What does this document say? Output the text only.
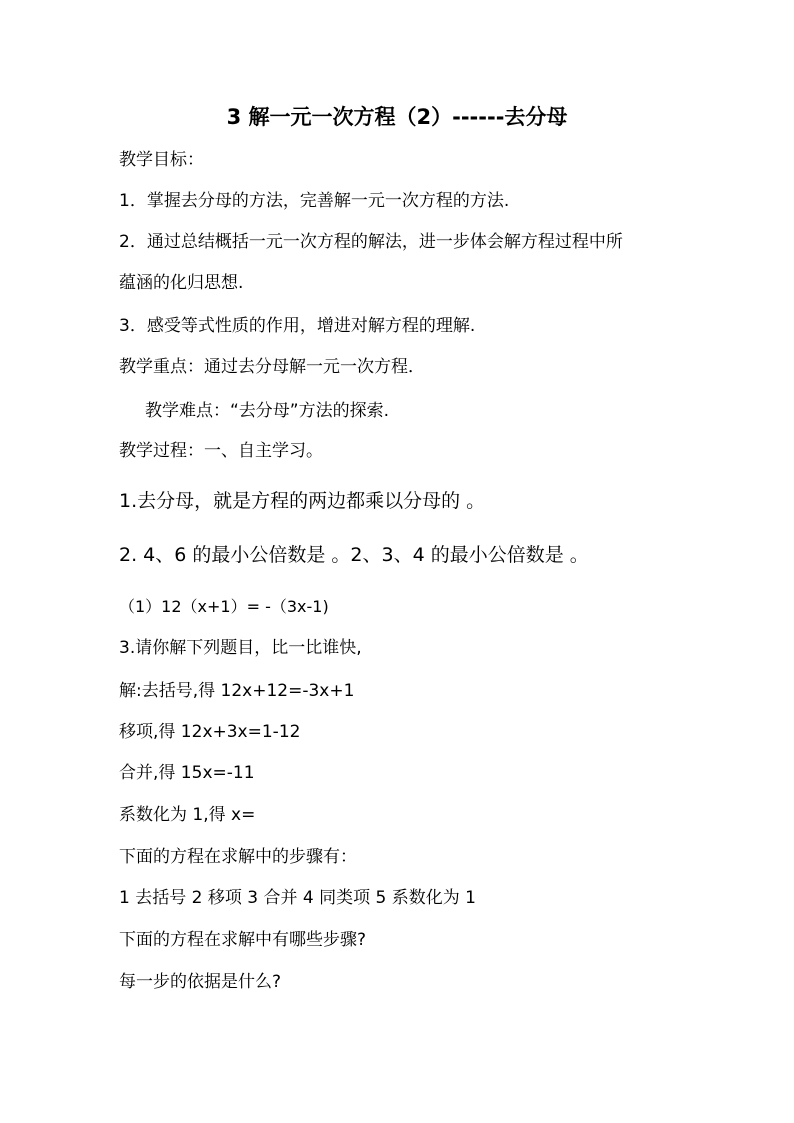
3 解一元一次方程（2）------去分母

教学目标：

1．掌握去分母的方法，完善解一元一次方程的方法.

2．通过总结概括一元一次方程的解法，进一步体会解方程过程中所

蕴涵的化归思想.

3．感受等式性质的作用，增进对解方程的理解.

教学重点：通过去分母解一元一次方程．

教学难点：“去分母”方法的探索.

教学过程：一、自主学习。

1.去分母，就是方程的两边都乘以分母的 。

2. 4、6 的最小公倍数是 。2、3、4 的最小公倍数是 。

（1）12（x+1）= -（3x-1)

3.请你解下列题目，比一比谁快,

解:去括号,得 12x+12=-3x+1

移项,得 12x+3x=1-12

合并,得 15x=-11

系数化为 1,得 x=

下面的方程在求解中的步骤有：

1 去括号 2 移项 3 合并 4 同类项 5 系数化为 1

下面的方程在求解中有哪些步骤?

每一步的依据是什么?
